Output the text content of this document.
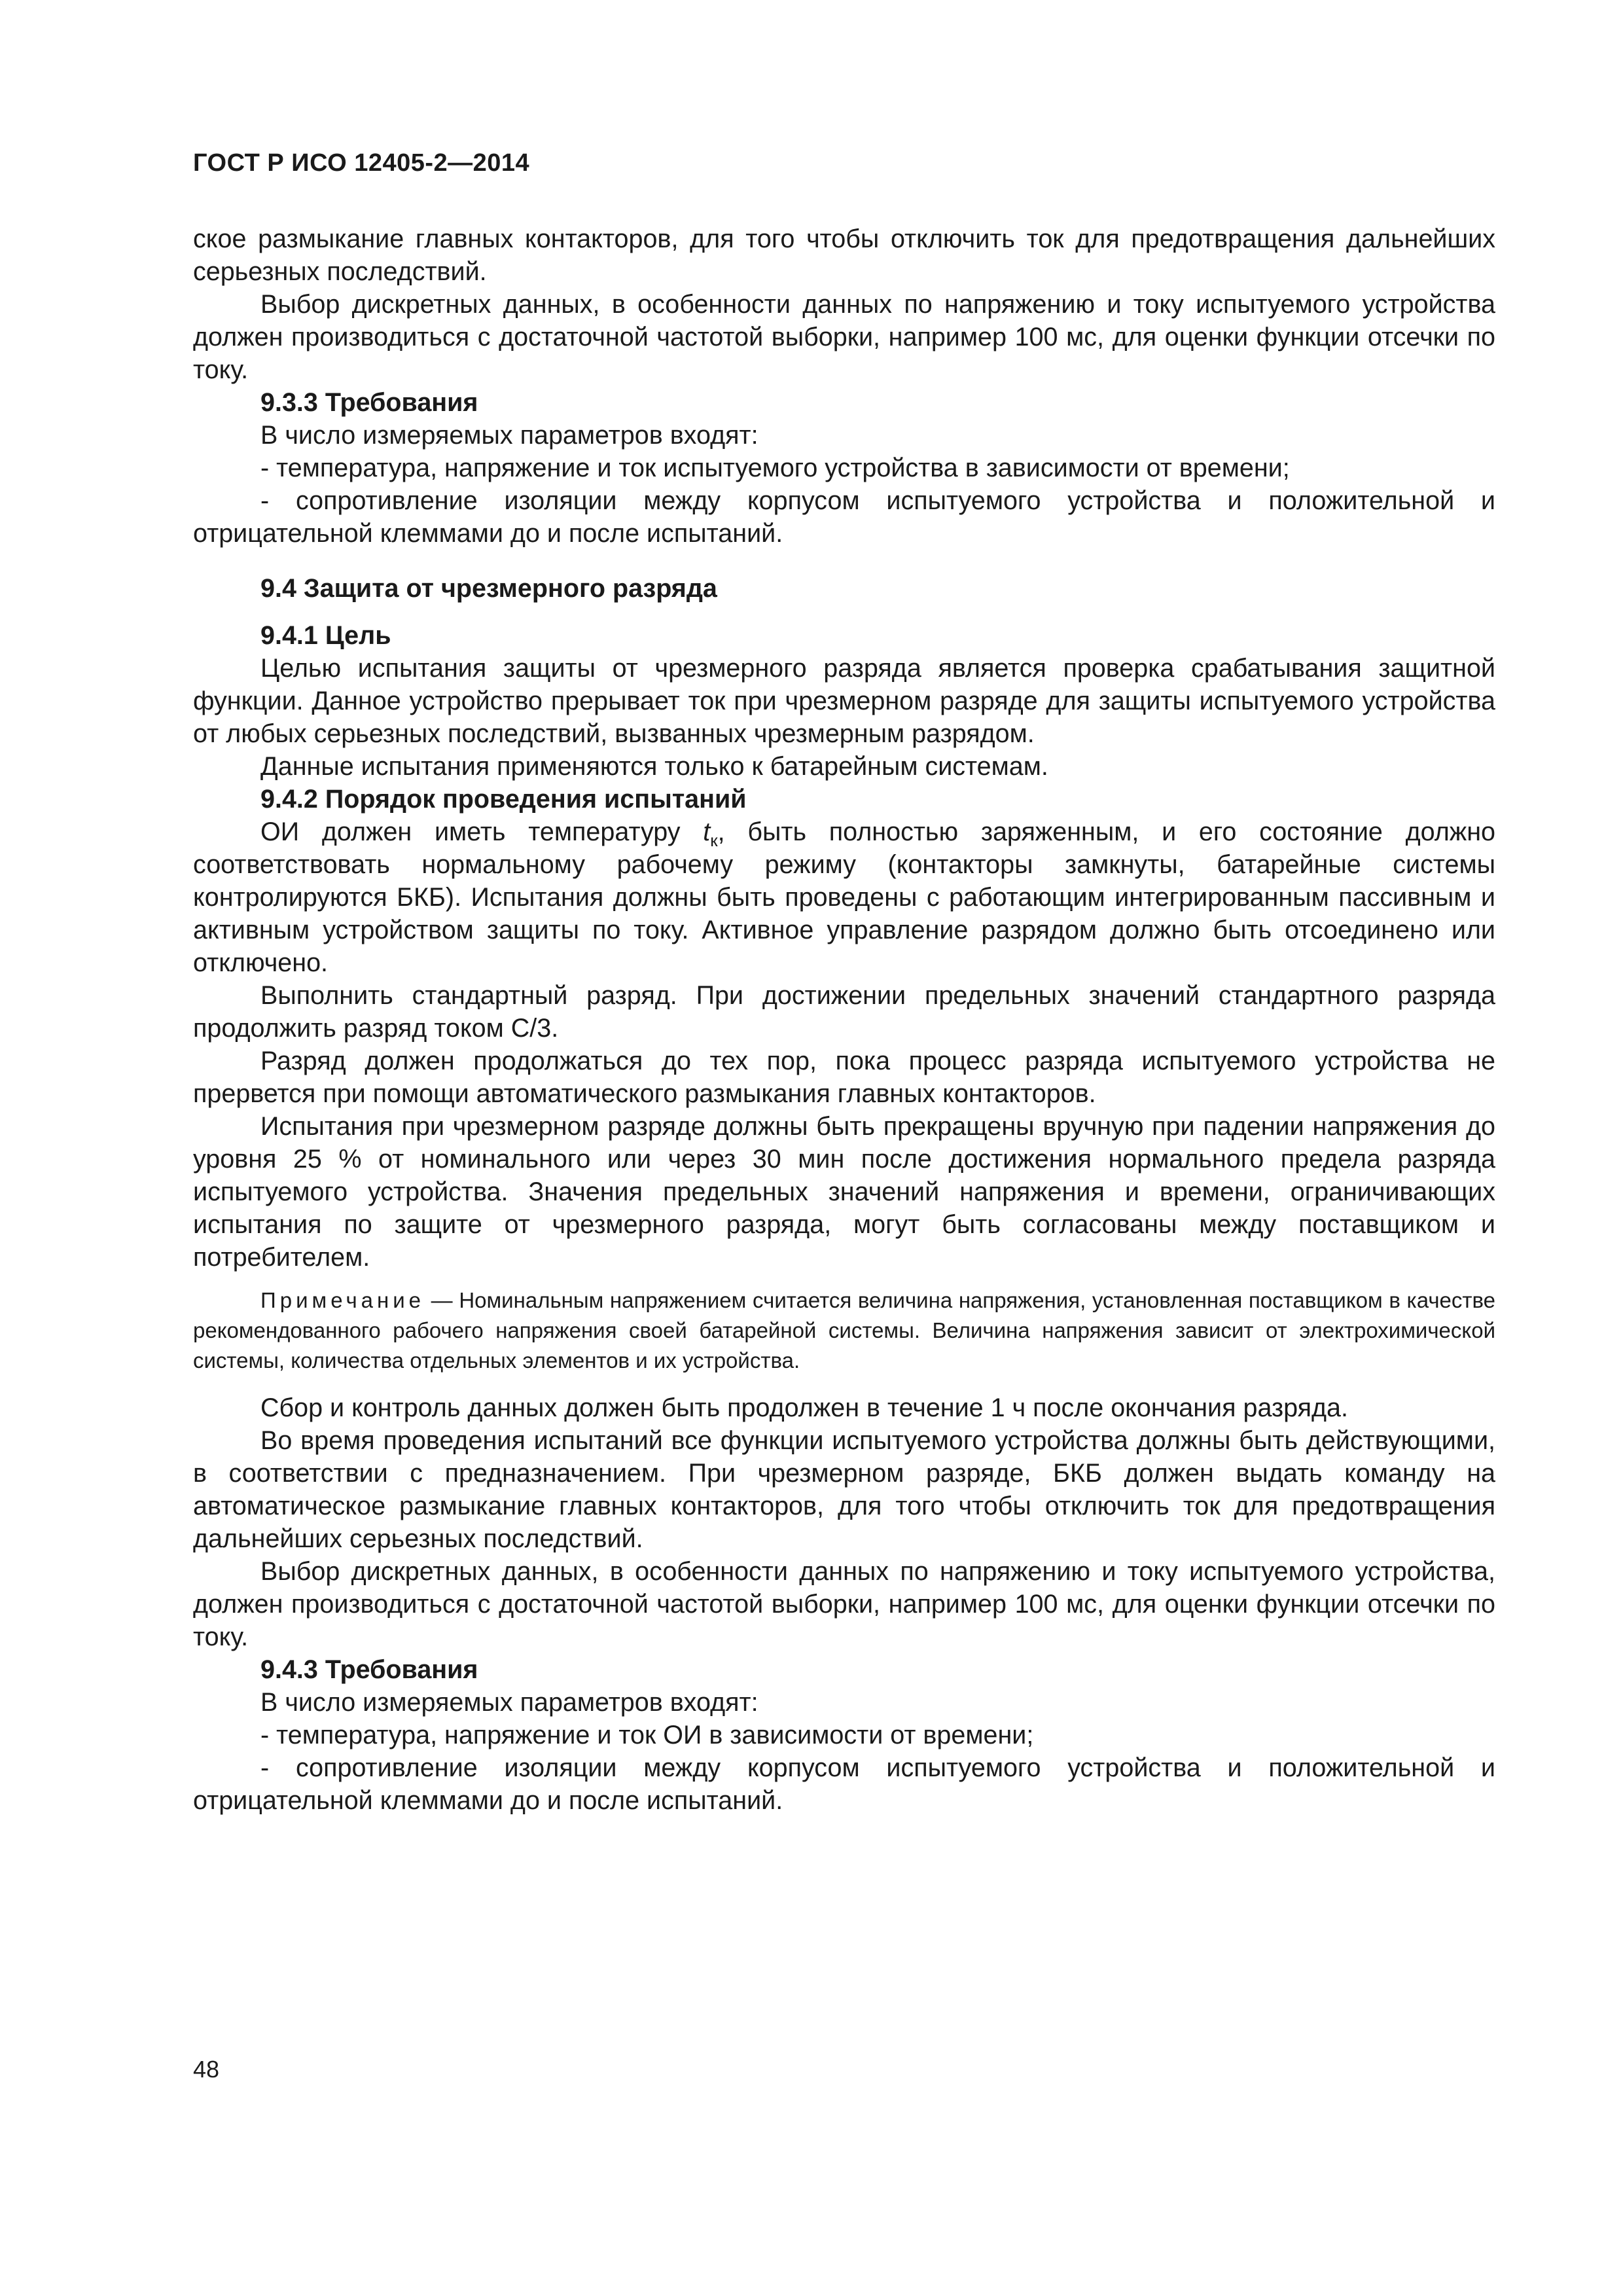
ГОСТ Р ИСО 12405-2—2014

ское размыкание главных контакторов, для того чтобы отключить ток для предотвращения дальнейших серьезных последствий.

Выбор дискретных данных, в особенности данных по напряжению и току испытуемого устройства должен производиться с достаточной частотой выборки, например 100 мс, для оценки функции отсечки по току.

9.3.3 Требования

В число измеряемых параметров входят:

- температура, напряжение и ток испытуемого устройства в зависимости от времени;

- сопротивление изоляции между корпусом испытуемого устройства и положительной и отрицательной клеммами до и после испытаний.

9.4 Защита от чрезмерного разряда

9.4.1 Цель

Целью испытания защиты от чрезмерного разряда является проверка срабатывания защитной функции. Данное устройство прерывает ток при чрезмерном разряде для защиты испытуемого устройства от любых серьезных последствий, вызванных чрезмерным разрядом.

Данные испытания применяются только к батарейным системам.

9.4.2 Порядок проведения испытаний

ОИ должен иметь температуру $t_к$, быть полностью заряженным, и его состояние должно соответствовать нормальному рабочему режиму (контакторы замкнуты, батарейные системы контролируются БКБ). Испытания должны быть проведены с работающим интегрированным пассивным и активным устройством защиты по току. Активное управление разрядом должно быть отсоединено или отключено.

Выполнить стандартный разряд. При достижении предельных значений стандартного разряда продолжить разряд током С/3.

Разряд должен продолжаться до тех пор, пока процесс разряда испытуемого устройства не прервется при помощи автоматического размыкания главных контакторов.

Испытания при чрезмерном разряде должны быть прекращены вручную при падении напряжения до уровня 25 % от номинального или через 30 мин после достижения нормального предела разряда испытуемого устройства. Значения предельных значений напряжения и времени, ограничивающих испытания по защите от чрезмерного разряда, могут быть согласованы между поставщиком и потребителем.

Примечание — Номинальным напряжением считается величина напряжения, установленная поставщиком в качестве рекомендованного рабочего напряжения своей батарейной системы. Величина напряжения зависит от электрохимической системы, количества отдельных элементов и их устройства.

Сбор и контроль данных должен быть продолжен в течение 1 ч после окончания разряда.

Во время проведения испытаний все функции испытуемого устройства должны быть действующими, в соответствии с предназначением. При чрезмерном разряде, БКБ должен выдать команду на автоматическое размыкание главных контакторов, для того чтобы отключить ток для предотвращения дальнейших серьезных последствий.

Выбор дискретных данных, в особенности данных по напряжению и току испытуемого устройства, должен производиться с достаточной частотой выборки, например 100 мс, для оценки функции отсечки по току.

9.4.3 Требования

В число измеряемых параметров входят:

- температура, напряжение и ток ОИ в зависимости от времени;

- сопротивление изоляции между корпусом испытуемого устройства и положительной и отрицательной клеммами до и после испытаний.

48
